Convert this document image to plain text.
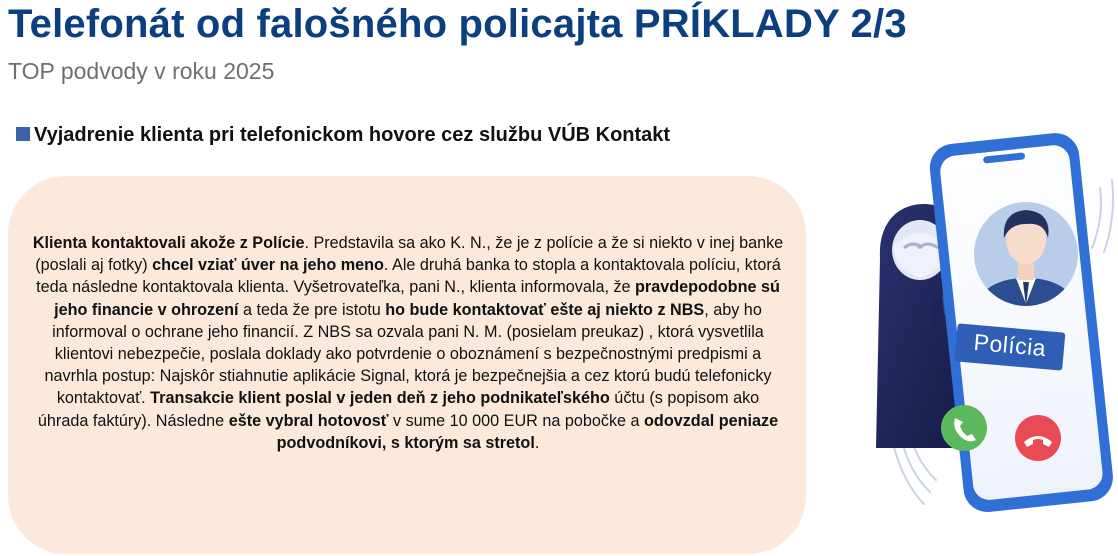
Telefonát od falošného policajta PRÍKLADY 2/3
TOP podvody v roku 2025
Vyjadrenie klienta pri telefonickom hovore cez službu VÚB Kontakt

Klienta kontaktovali akože z Polície. Predstavila sa ako K. N., že je z polície a že si niekto v inej banke (poslali aj fotky) chcel vziať úver na jeho meno. Ale druhá banka to stopla a kontaktovala políciu, ktorá teda následne kontaktovala klienta. Vyšetrovateľka, pani N., klienta informovala, že pravdepodobne sú jeho financie v ohrození a teda že pre istotu ho bude kontaktovať ešte aj niekto z NBS, aby ho informoval o ochrane jeho financií. Z NBS sa ozvala pani N. M. (posielam preukaz) , ktorá vysvetlila klientovi nebezpečie, poslala doklady ako potvrdenie o oboznámení s bezpečnostnými predpismi a navrhla postup: Najskôr stiahnutie aplikácie Signal, ktorá je bezpečnejšia a cez ktorú budú telefonicky kontaktovať. Transakcie klient poslal v jeden deň z jeho podnikateľského účtu (s popisom ako úhrada faktúry). Následne ešte vybral hotovosť v sume 10 000 EUR na pobočke a odovzdal peniaze podvodníkovi, s ktorým sa stretol.

Polícia
